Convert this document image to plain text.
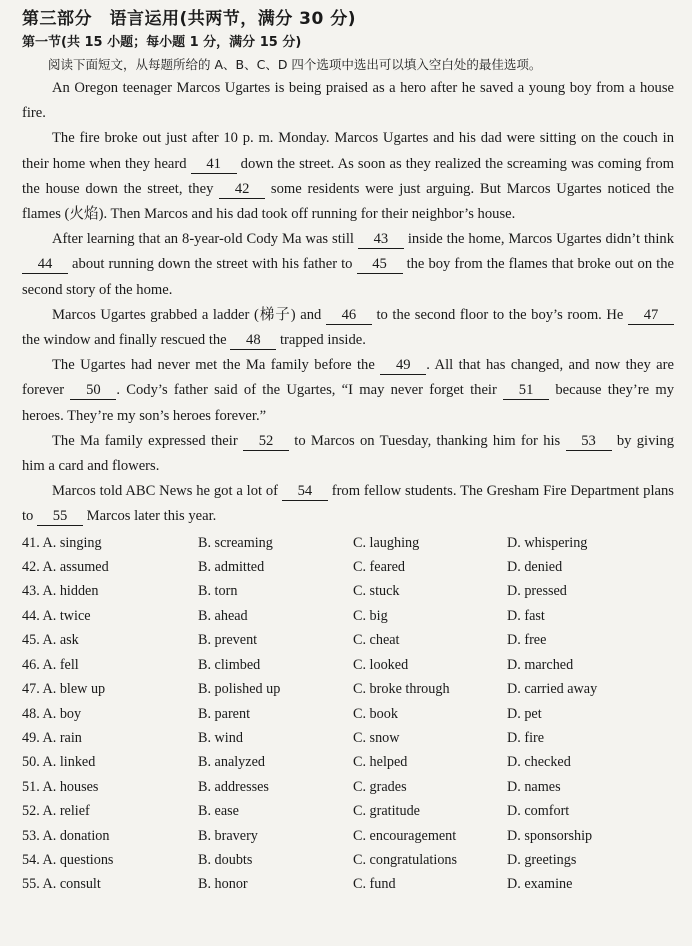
第三部分　语言运用(共两节，满分 30 分)
第一节(共 15 小题；每小题 1 分，满分 15 分)
阅读下面短文，从每题所给的 A、B、C、D 四个选项中选出可以填入空白处的最佳选项。

An Oregon teenager Marcos Ugartes is being praised as a hero after he saved a young boy from a house fire.

The fire broke out just after 10 p. m. Monday. Marcos Ugartes and his dad were sitting on the couch in their home when they heard 41 down the street. As soon as they realized the screaming was coming from the house down the street, they 42 some residents were just arguing. But Marcos Ugartes noticed the flames (火焰). Then Marcos and his dad took off running for their neighbor’s house.

After learning that an 8-year-old Cody Ma was still 43 inside the home, Marcos Ugartes didn’t think 44 about running down the street with his father to 45 the boy from the flames that broke out on the second story of the home.

Marcos Ugartes grabbed a ladder (梯子) and 46 to the second floor to the boy’s room. He 47 the window and finally rescued the 48 trapped inside.

The Ugartes had never met the Ma family before the 49 . All that has changed, and now they are forever 50 . Cody’s father said of the Ugartes, “I may never forget their 51 because they’re my heroes. They’re my son’s heroes forever.”

The Ma family expressed their 52 to Marcos on Tuesday, thanking him for his 53 by giving him a card and flowers.

Marcos told ABC News he got a lot of 54 from fellow students. The Gresham Fire Department plans to 55 Marcos later this year.

41. A. singing	B. screaming	C. laughing	D. whispering
42. A. assumed	B. admitted	C. feared	D. denied
43. A. hidden	B. torn	C. stuck	D. pressed
44. A. twice	B. ahead	C. big	D. fast
45. A. ask	B. prevent	C. cheat	D. free
46. A. fell	B. climbed	C. looked	D. marched
47. A. blew up	B. polished up	C. broke through	D. carried away
48. A. boy	B. parent	C. book	D. pet
49. A. rain	B. wind	C. snow	D. fire
50. A. linked	B. analyzed	C. helped	D. checked
51. A. houses	B. addresses	C. grades	D. names
52. A. relief	B. ease	C. gratitude	D. comfort
53. A. donation	B. bravery	C. encouragement	D. sponsorship
54. A. questions	B. doubts	C. congratulations	D. greetings
55. A. consult	B. honor	C. fund	D. examine
